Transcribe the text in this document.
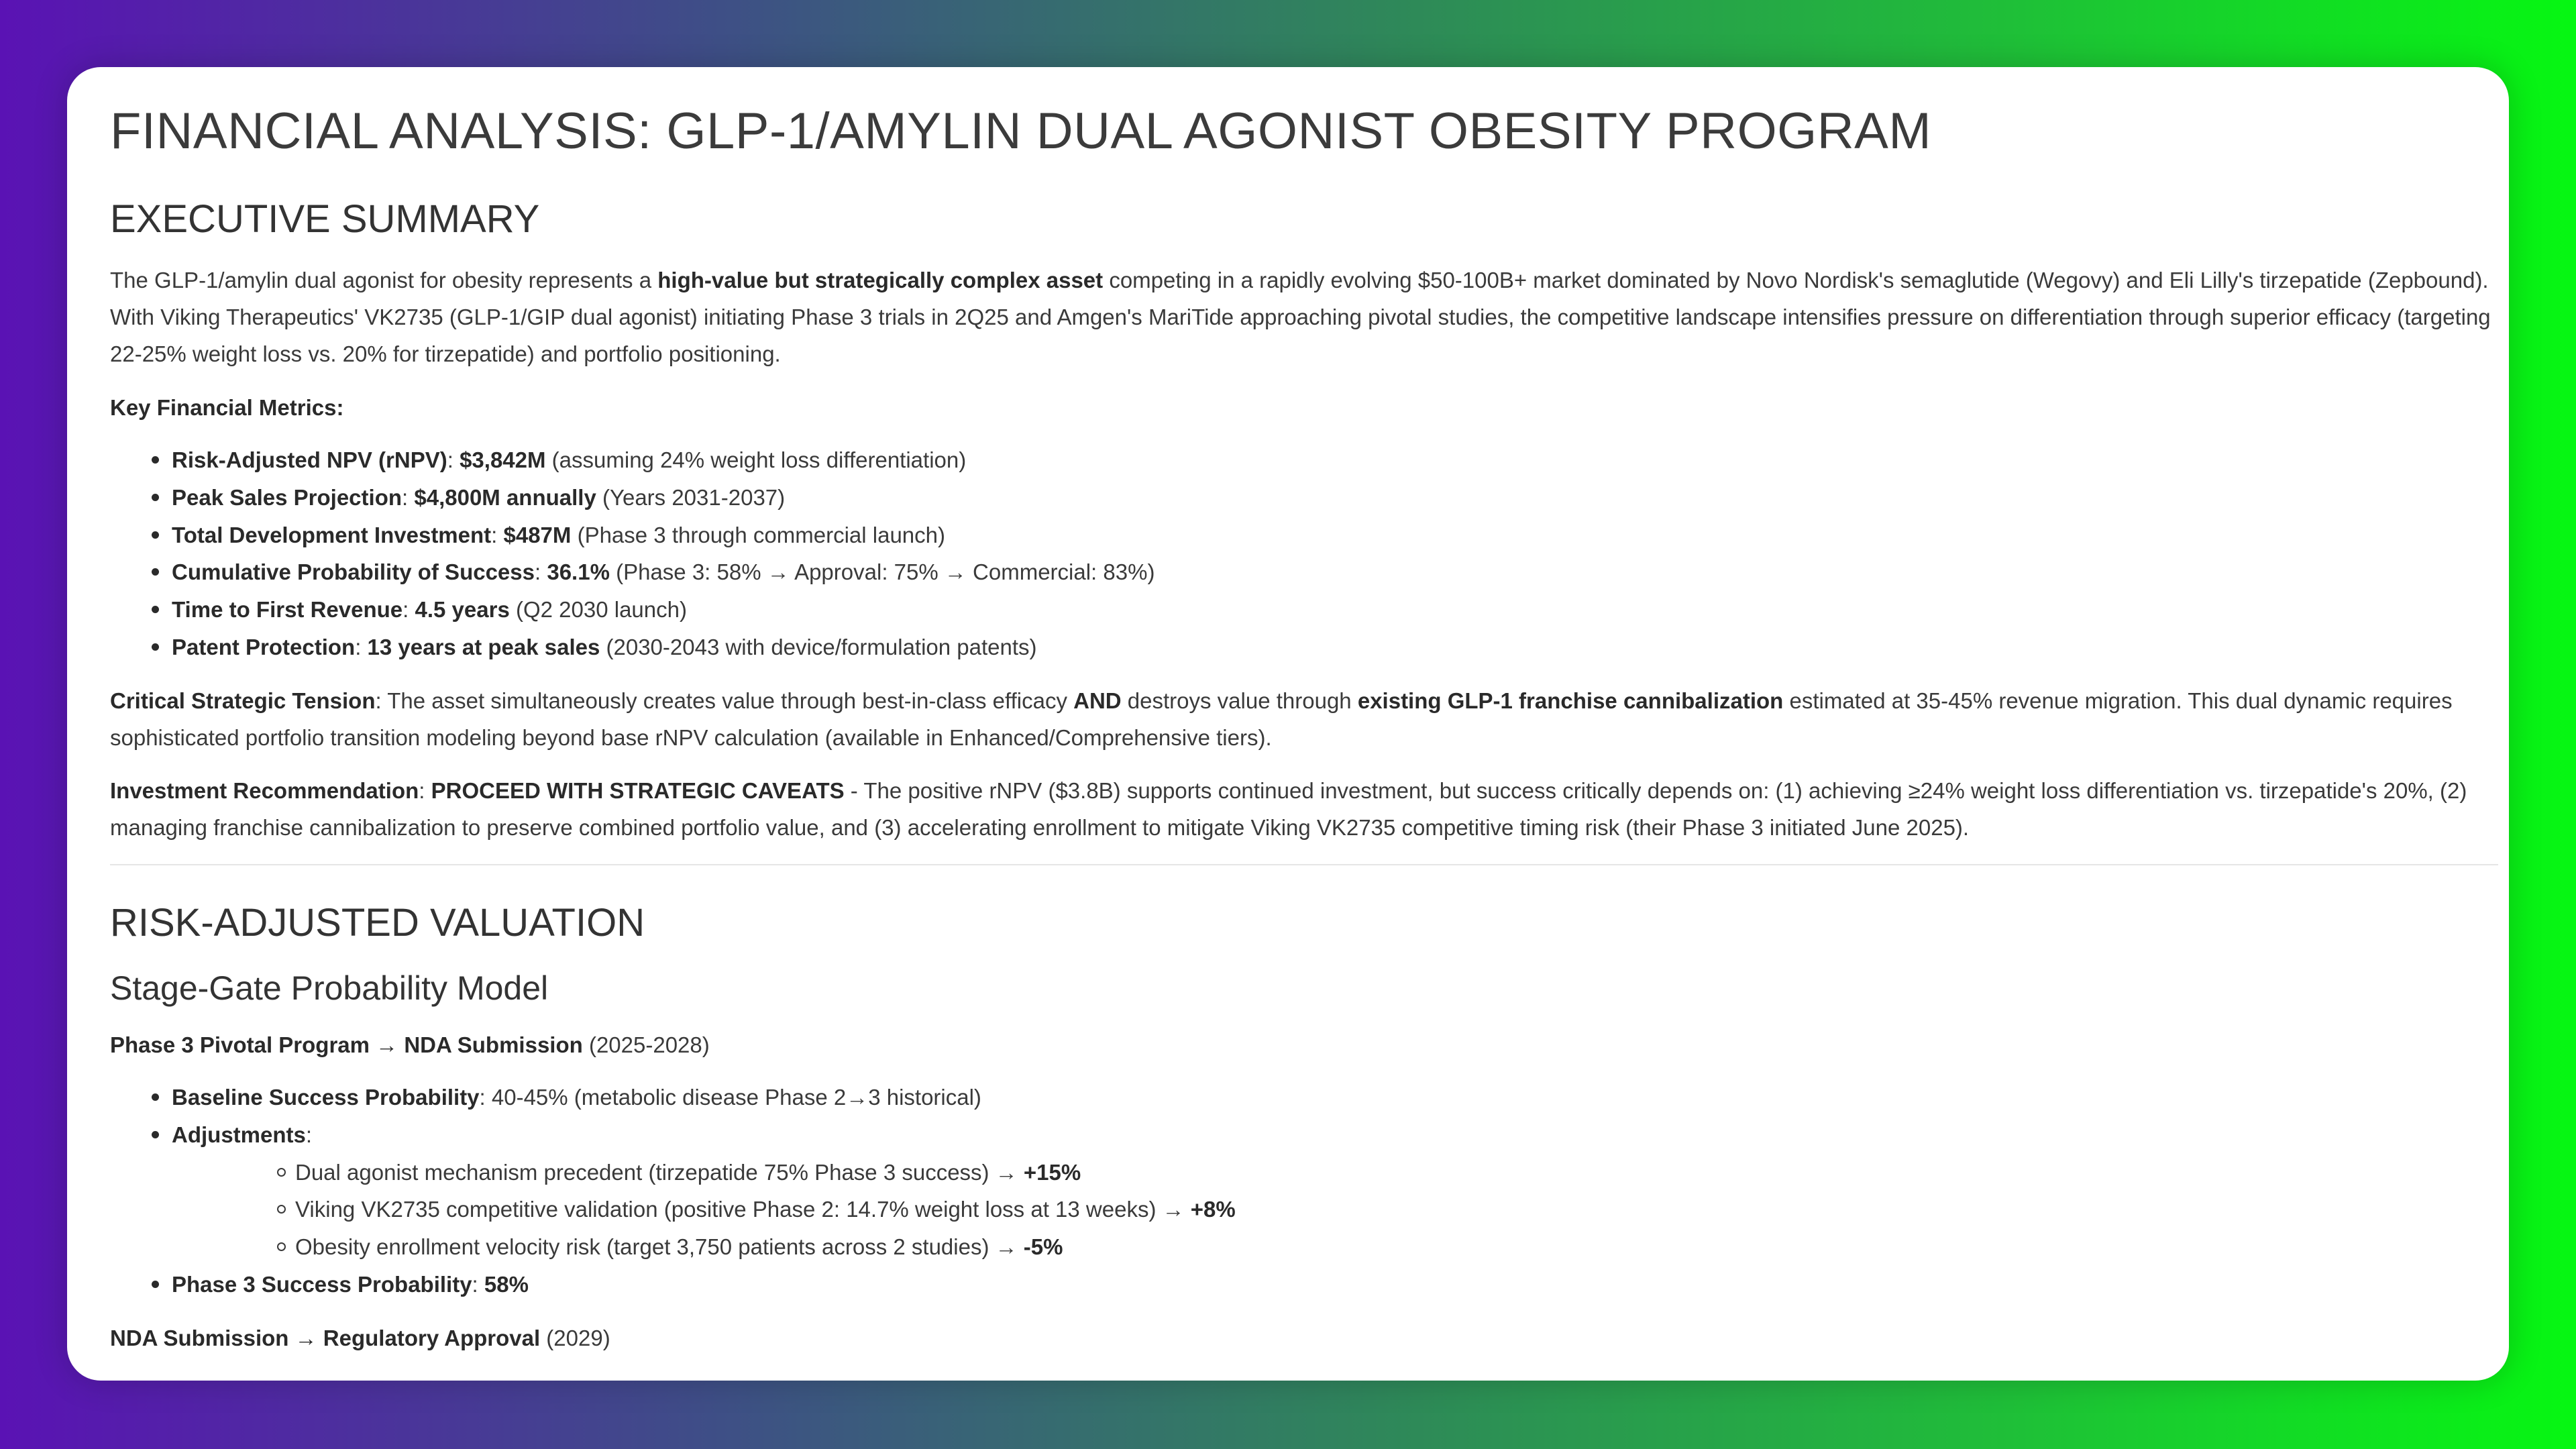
FINANCIAL ANALYSIS: GLP-1/AMYLIN DUAL AGONIST OBESITY PROGRAM
EXECUTIVE SUMMARY

The GLP-1/amylin dual agonist for obesity represents a high-value but strategically complex asset competing in a rapidly evolving $50-100B+ market dominated by Novo Nordisk's semaglutide (Wegovy) and Eli Lilly's tirzepatide (Zepbound). With Viking Therapeutics' VK2735 (GLP-1/GIP dual agonist) initiating Phase 3 trials in 2Q25 and Amgen's MariTide approaching pivotal studies, the competitive landscape intensifies pressure on differentiation through superior efficacy (targeting 22-25% weight loss vs. 20% for tirzepatide) and portfolio positioning.

Key Financial Metrics:

Risk-Adjusted NPV (rNPV): $3,842M (assuming 24% weight loss differentiation)
Peak Sales Projection: $4,800M annually (Years 2031-2037)
Total Development Investment: $487M (Phase 3 through commercial launch)
Cumulative Probability of Success: 36.1% (Phase 3: 58% → Approval: 75% → Commercial: 83%)
Time to First Revenue: 4.5 years (Q2 2030 launch)
Patent Protection: 13 years at peak sales (2030-2043 with device/formulation patents)

Critical Strategic Tension: The asset simultaneously creates value through best-in-class efficacy AND destroys value through existing GLP-1 franchise cannibalization estimated at 35-45% revenue migration. This dual dynamic requires sophisticated portfolio transition modeling beyond base rNPV calculation (available in Enhanced/Comprehensive tiers).

Investment Recommendation: PROCEED WITH STRATEGIC CAVEATS - The positive rNPV ($3.8B) supports continued investment, but success critically depends on: (1) achieving ≥24% weight loss differentiation vs. tirzepatide's 20%, (2) managing franchise cannibalization to preserve combined portfolio value, and (3) accelerating enrollment to mitigate Viking VK2735 competitive timing risk (their Phase 3 initiated June 2025).

RISK-ADJUSTED VALUATION
Stage-Gate Probability Model

Phase 3 Pivotal Program → NDA Submission (2025-2028)

Baseline Success Probability: 40-45% (metabolic disease Phase 2→3 historical)
Adjustments:
Dual agonist mechanism precedent (tirzepatide 75% Phase 3 success) → +15%
Viking VK2735 competitive validation (positive Phase 2: 14.7% weight loss at 13 weeks) → +8%
Obesity enrollment velocity risk (target 3,750 patients across 2 studies) → -5%
Phase 3 Success Probability: 58%

NDA Submission → Regulatory Approval (2029)
